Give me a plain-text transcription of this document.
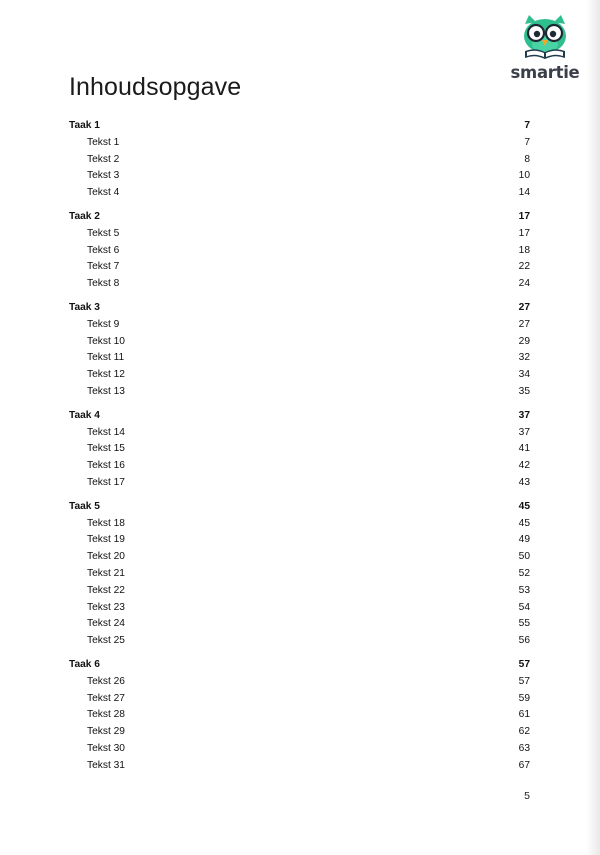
smartie
Inhoudsopgave
Taak 1	7
Tekst 1	7
Tekst 2	8
Tekst 3	10
Tekst 4	14
Taak 2	17
Tekst 5	17
Tekst 6	18
Tekst 7	22
Tekst 8	24
Taak 3	27
Tekst 9	27
Tekst 10	29
Tekst 11	32
Tekst 12	34
Tekst 13	35
Taak 4	37
Tekst 14	37
Tekst 15	41
Tekst 16	42
Tekst 17	43
Taak 5	45
Tekst 18	45
Tekst 19	49
Tekst 20	50
Tekst 21	52
Tekst 22	53
Tekst 23	54
Tekst 24	55
Tekst 25	56
Taak 6	57
Tekst 26	57
Tekst 27	59
Tekst 28	61
Tekst 29	62
Tekst 30	63
Tekst 31	67
5
